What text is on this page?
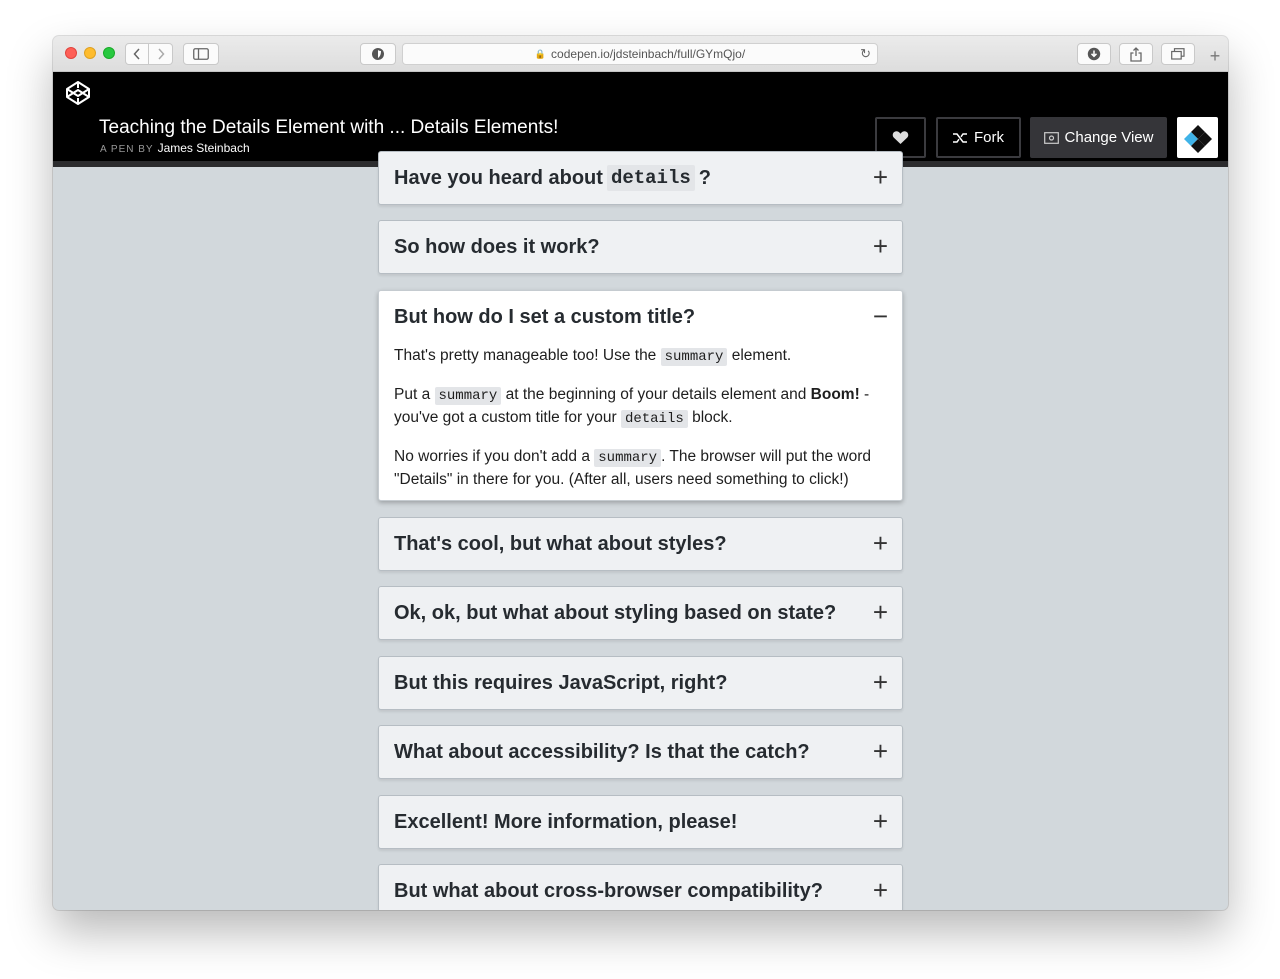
🔒 codepen.io/jdsteinbach/full/GYmQjo/	↻	+
Teaching the Details Element with ... Details Elements!
A PEN BY James Steinbach
Fork	Change View
Have you heard about details ?	+
So how does it work?	+
But how do I set a custom title?	−

That's pretty manageable too! Use the summary element.

Put a summary at the beginning of your details element and Boom! - you've got a custom title for your details block.

No worries if you don't add a summary . The browser will put the word "Details" in there for you. (After all, users need something to click!)

That's cool, but what about styles?	+
Ok, ok, but what about styling based on state? +
But this requires JavaScript, right?	+
What about accessibility? Is that the catch? +
Excellent! More information, please!	+
But what about cross-browser compatibility? +
